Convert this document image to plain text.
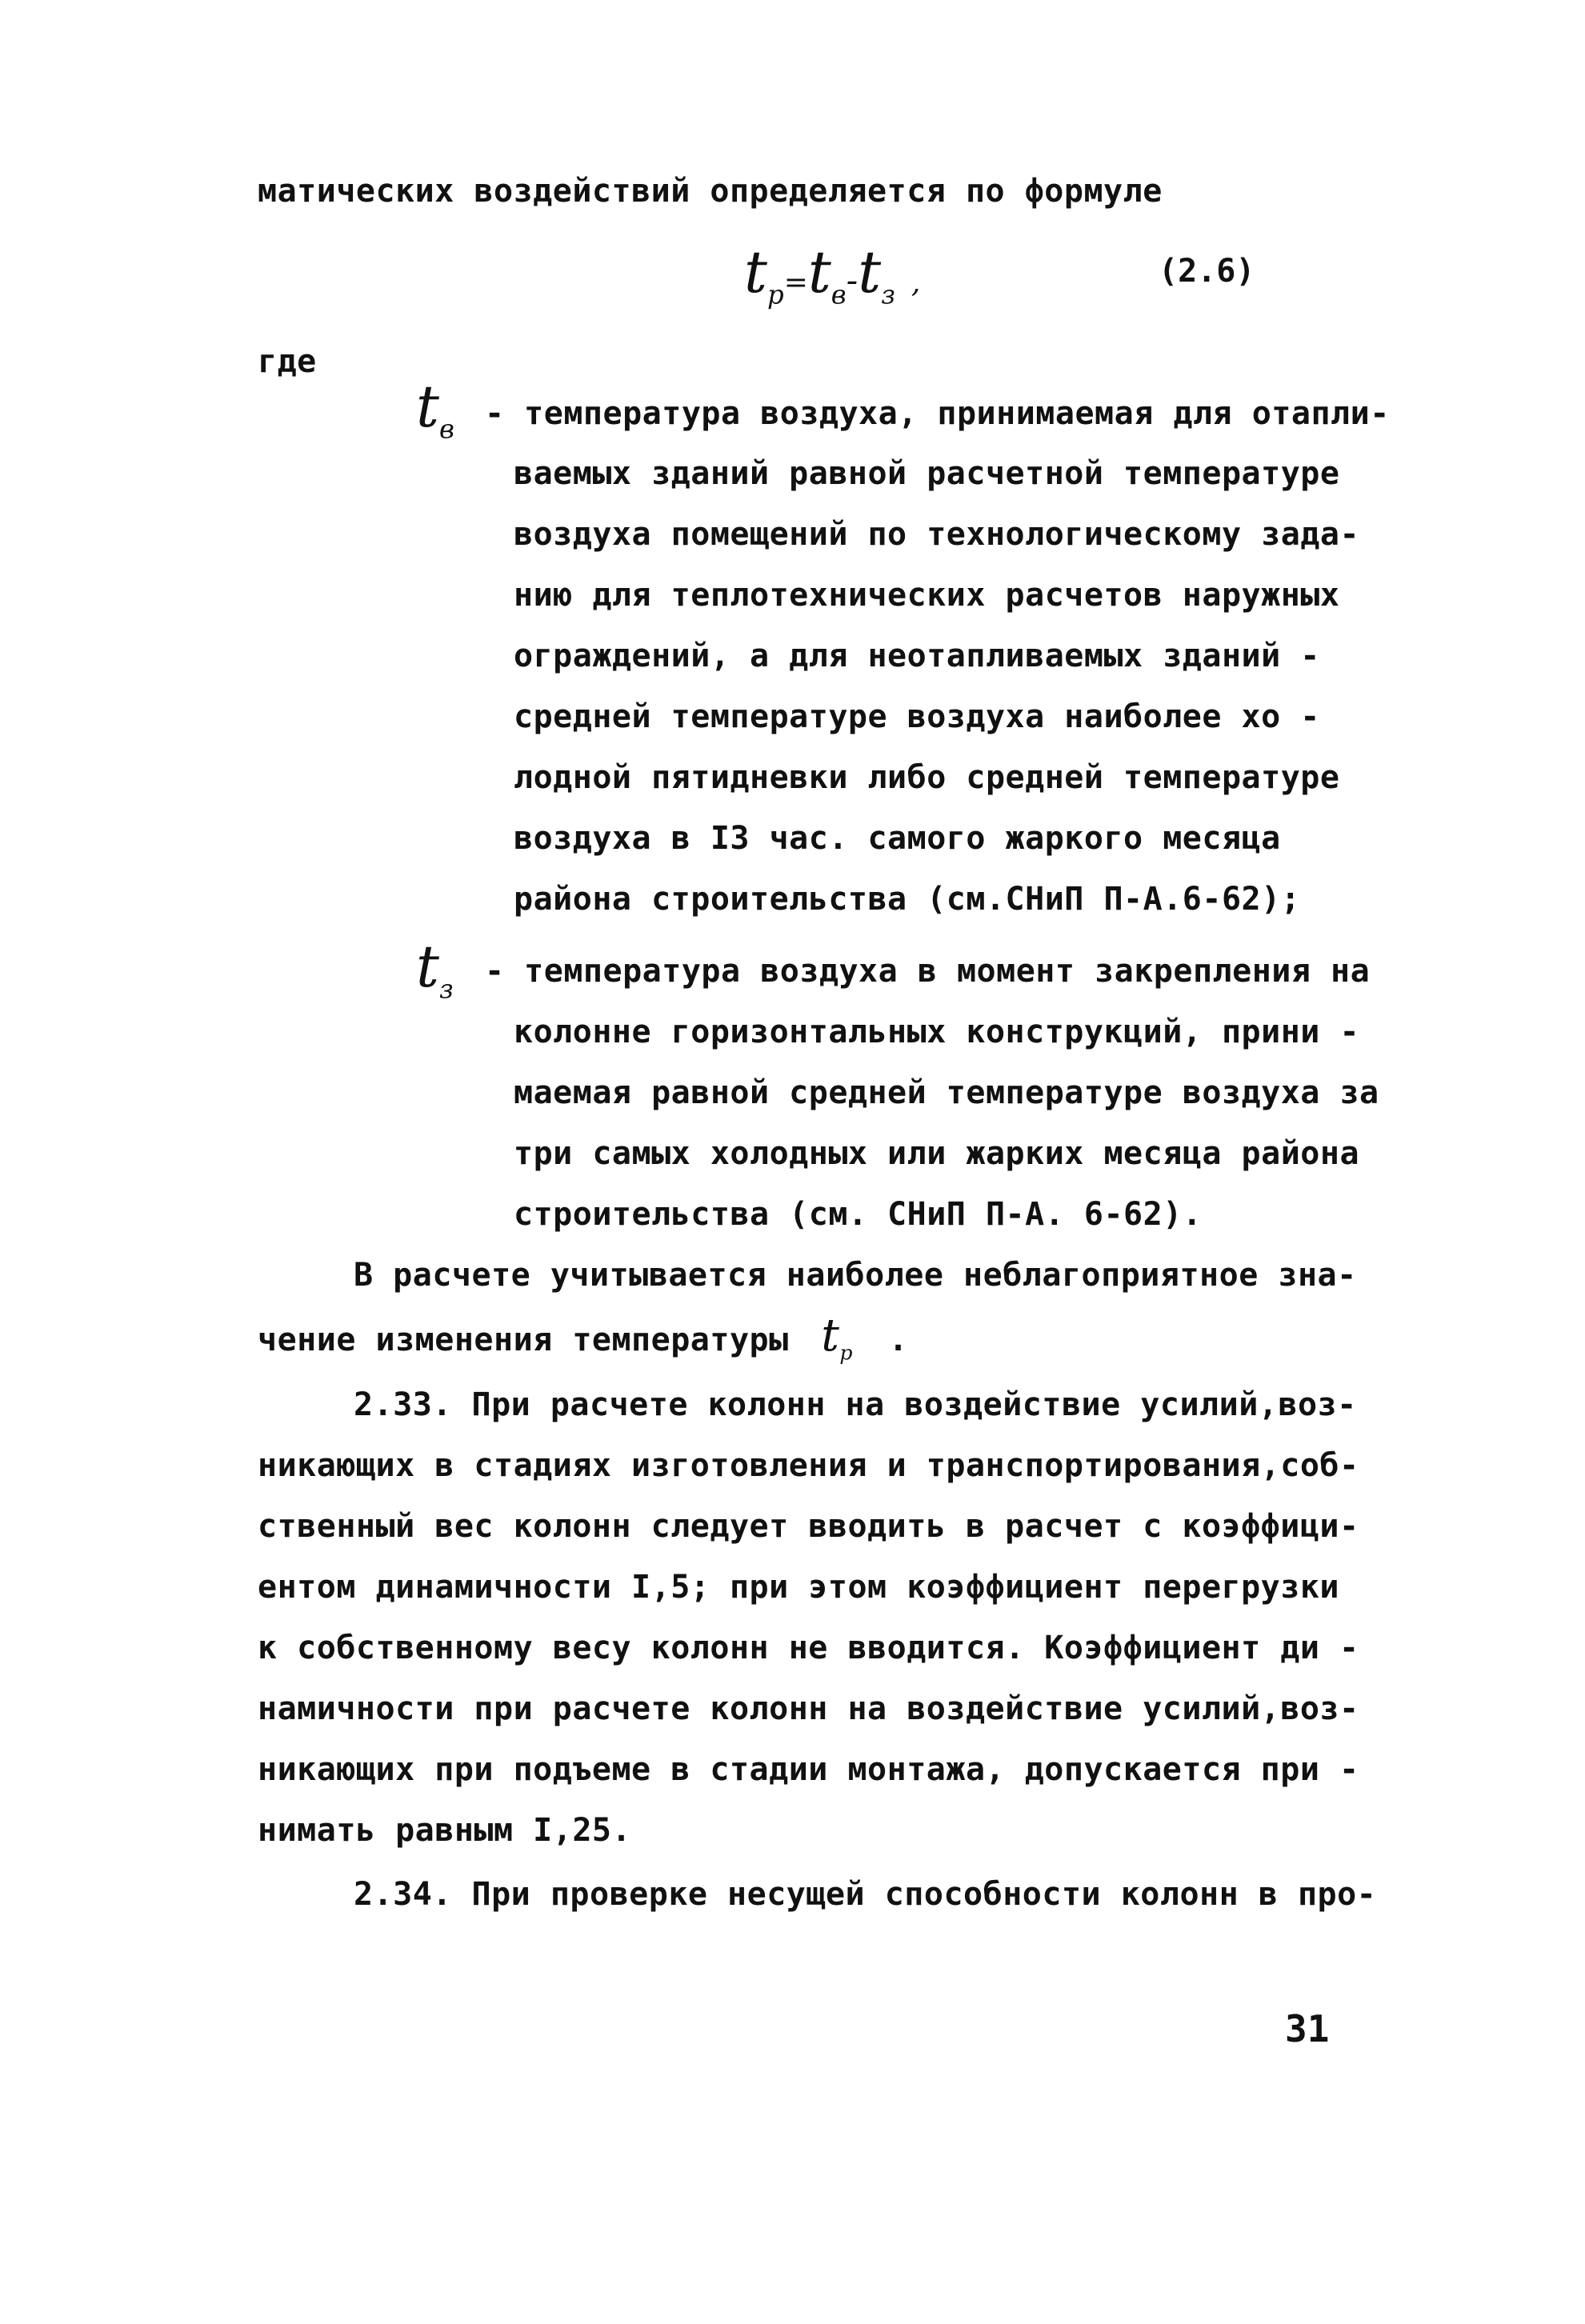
матических воздействий определяется по формуле
$t_р=t_в-t_з$ ,	(2.6)
где
$t_в$ - температура воздуха, принимаемая для отапли-
ваемых зданий равной расчетной температуре
воздуха помещений по технологическому зада-
нию для теплотехнических расчетов наружных
ограждений, а для неотапливаемых зданий -
средней температуре воздуха наиболее хо -
лодной пятидневки либо средней температуре
воздуха в I3 час. самого жаркого месяца
района строительства (см.СНиП П-А.6-62);
$t_з$ - температура воздуха в момент закрепления на
колонне горизонтальных конструкций, прини -
маемая равной средней температуре воздуха за
три самых холодных или жарких месяца района
строительства (см. СНиП П-А. 6-62).
В расчете учитывается наиболее неблагоприятное зна-
чение изменения температуры $t_р$ .
2.33. При расчете колонн на воздействие усилий,воз-
никающих в стадиях изготовления и транспортирования,соб-
ственный вес колонн следует вводить в расчет с коэффици-
ентом динамичности I,5; при этом коэффициент перегрузки
к собственному весу колонн не вводится. Коэффициент ди -
намичности при расчете колонн на воздействие усилий,воз-
никающих при подъеме в стадии монтажа, допускается при -
нимать равным I,25.
2.34. При проверке несущей способности колонн в про-
31
